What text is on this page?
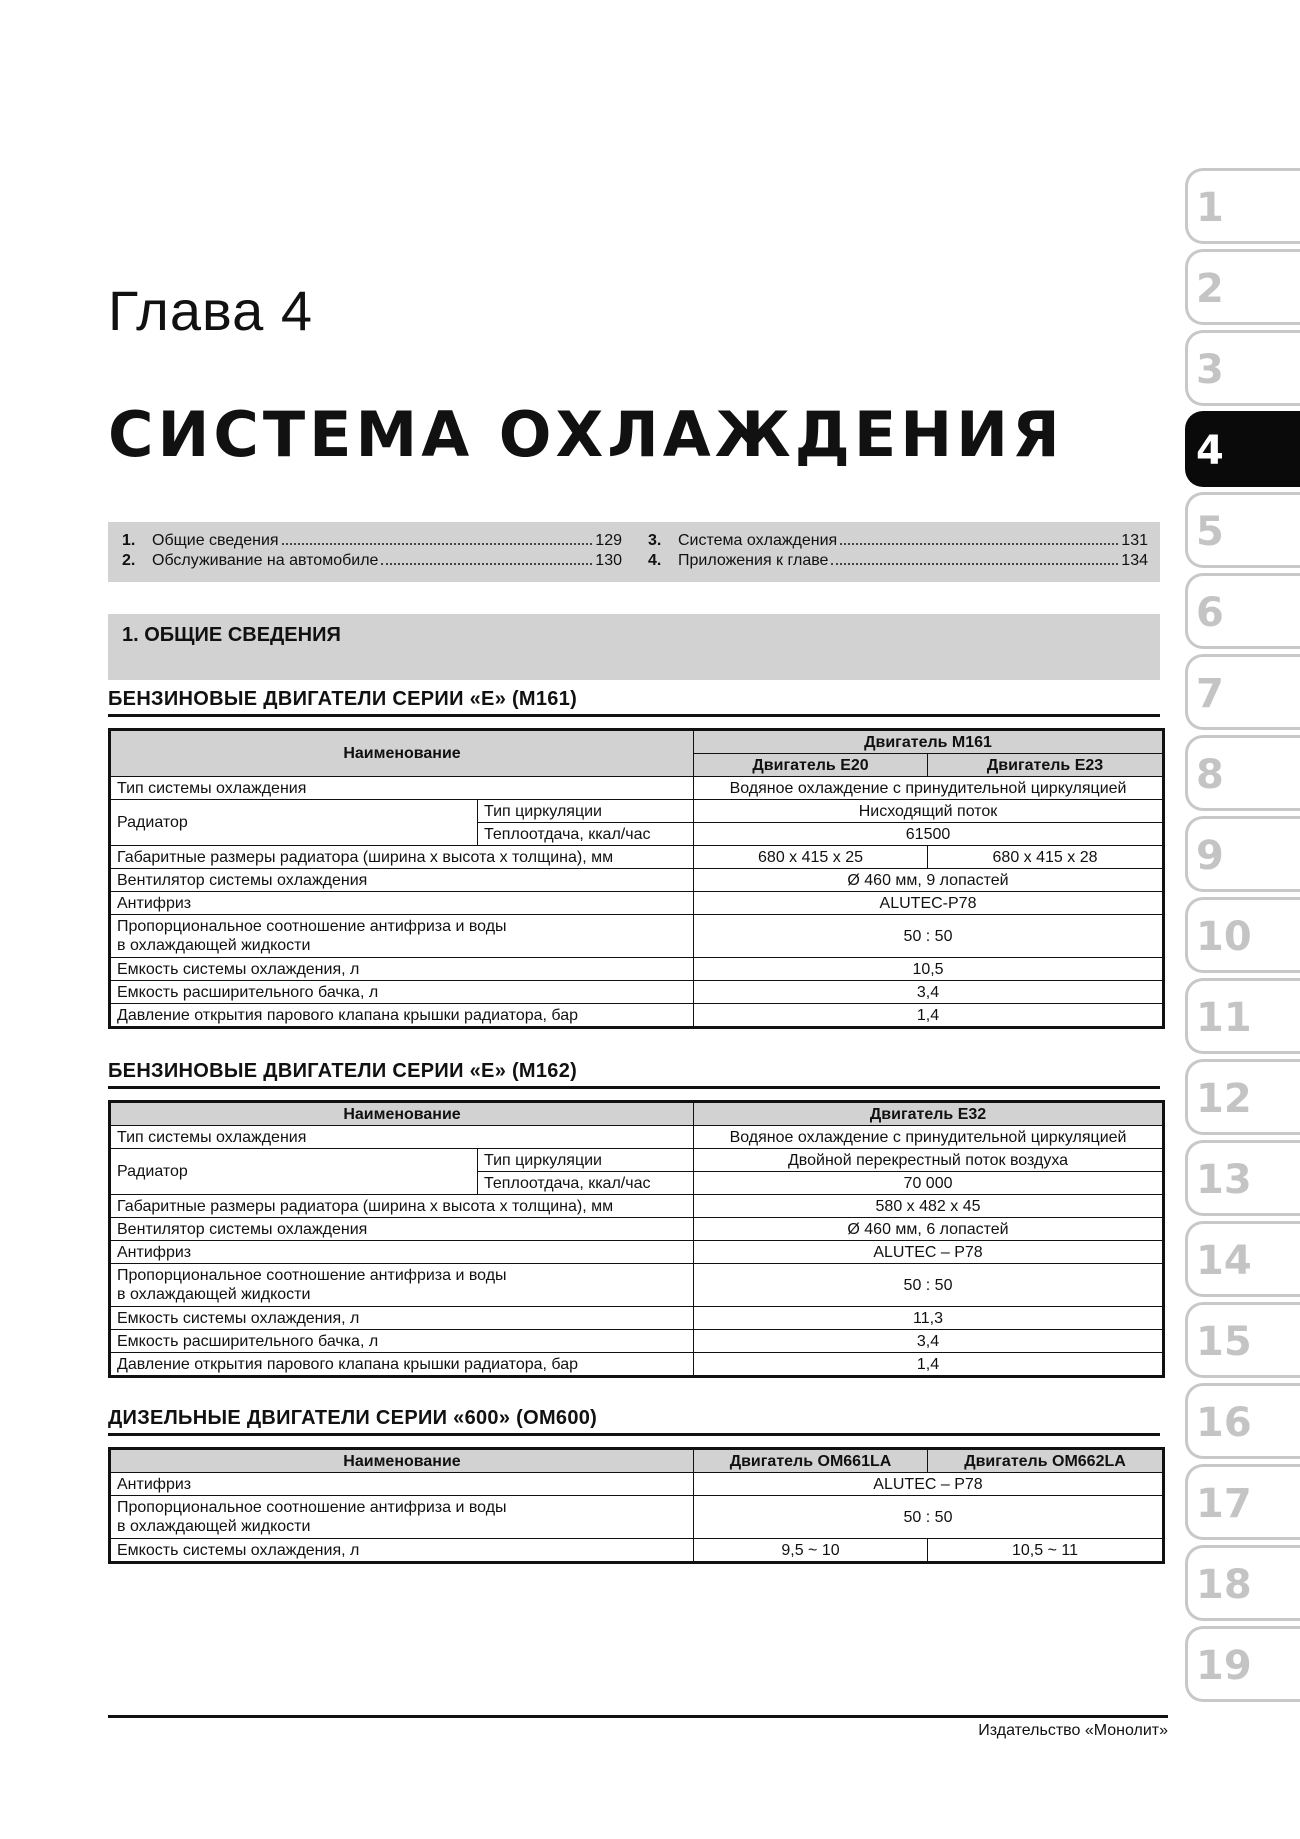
Глава 4
СИСТЕМА ОХЛАЖДЕНИЯ
1.	Общие сведения	129
2.	Обслуживание на автомобиле	130
3.	Система охлаждения	131
4.	Приложения к главе	134
1. ОБЩИЕ СВЕДЕНИЯ
БЕНЗИНОВЫЕ ДВИГАТЕЛИ СЕРИИ «Е» (М161)
Наименование		Двигатель М161	
		Двигатель Е20	Двигатель Е23
Тип системы охлаждения		Водяное охлаждение с принудительной циркуляцией	
Радиатор	Тип циркуляции	Нисходящий поток	
	Теплоотдача, ккал/час	61500	
Габаритные размеры радиатора (ширина х высота х толщина), мм		680 х 415 х 25	680 х 415 х 28
Вентилятор системы охлаждения		Ø 460 мм, 9 лопастей	
Антифриз		ALUTEC-P78	
Пропорциональное соотношение антифриза и воды
в охлаждающей жидкости		50 : 50	
Емкость системы охлаждения, л		10,5	
Емкость расширительного бачка, л		3,4	
Давление открытия парового клапана крышки радиатора, бар		1,4	
БЕНЗИНОВЫЕ ДВИГАТЕЛИ СЕРИИ «Е» (М162)
Наименование		Двигатель Е32
Тип системы охлаждения		Водяное охлаждение с принудительной циркуляцией
Радиатор	Тип циркуляции	Двойной перекрестный поток воздуха
	Теплоотдача, ккал/час	70 000
Габаритные размеры радиатора (ширина х высота х толщина), мм		580 х 482 х 45
Вентилятор системы охлаждения		Ø 460 мм, 6 лопастей
Антифриз		ALUTEC – P78
Пропорциональное соотношение антифриза и воды
в охлаждающей жидкости		50 : 50
Емкость системы охлаждения, л		11,3
Емкость расширительного бачка, л		3,4
Давление открытия парового клапана крышки радиатора, бар		1,4
ДИЗЕЛЬНЫЕ ДВИГАТЕЛИ СЕРИИ «600» (ОМ600)
Наименование	Двигатель ОМ661LA	Двигатель ОМ662LA
Антифриз	ALUTEC – P78	
Пропорциональное соотношение антифриза и воды
в охлаждающей жидкости	50 : 50	
Емкость системы охлаждения, л	9,5 ~ 10	10,5 ~ 11
1
2
3
4
5
6
7
8
9
10
11
12
13
14
15
16
17
18
19
Издательство «Монолит»
